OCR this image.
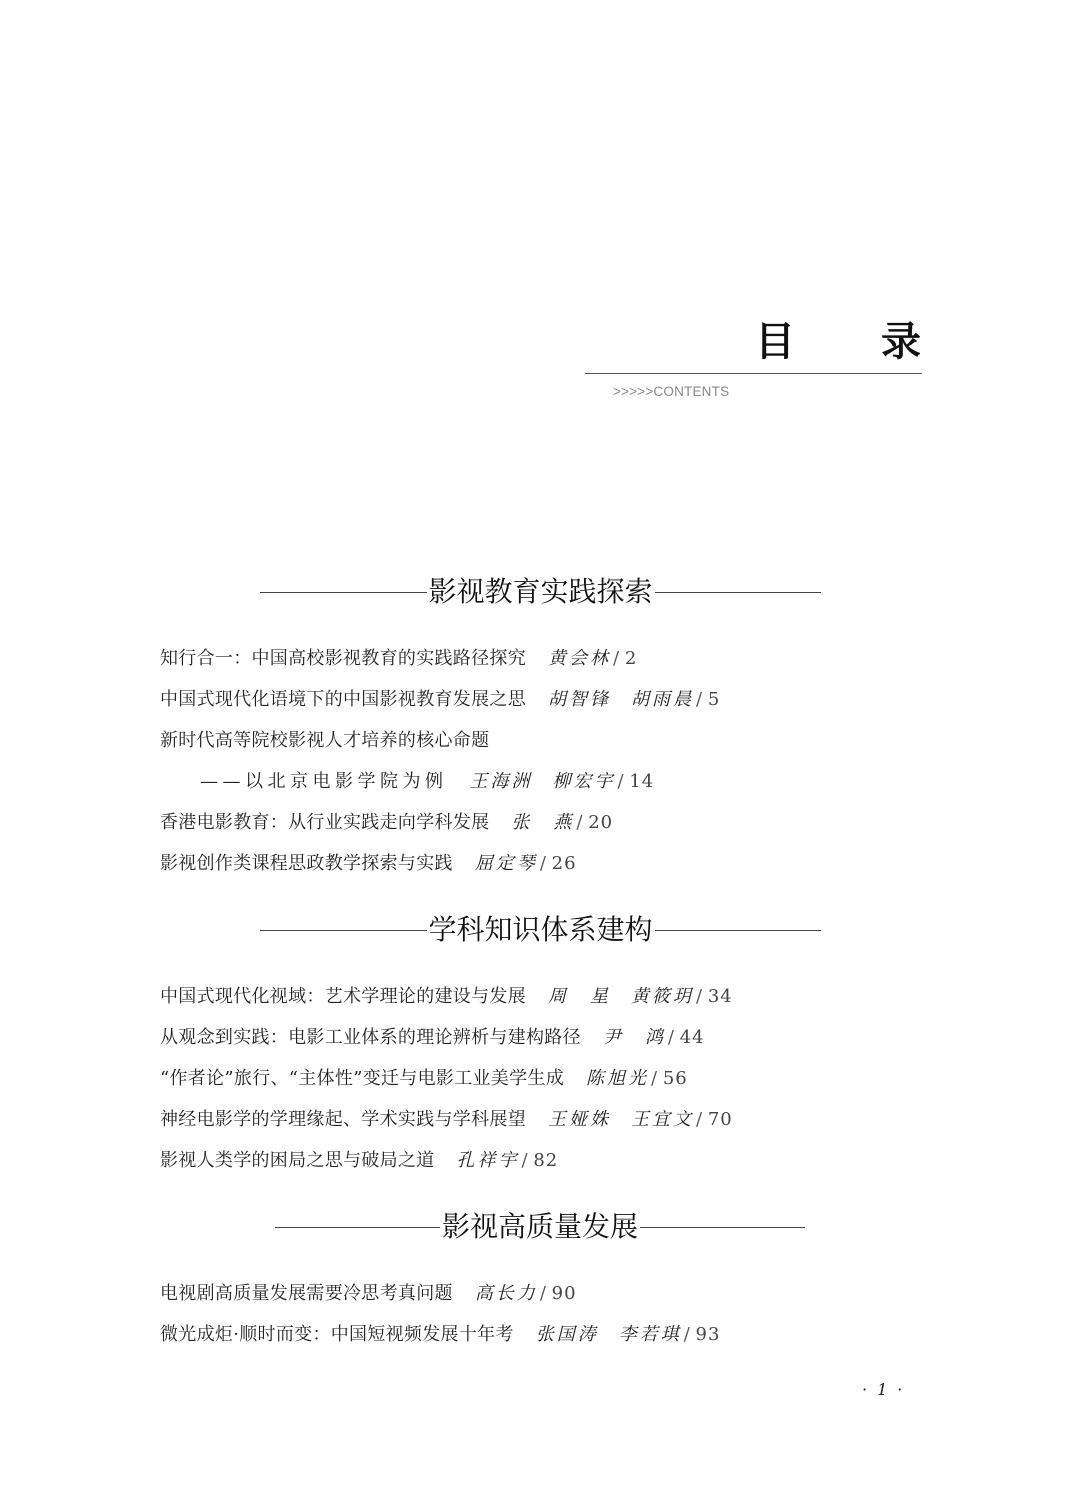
目 录
>>>>>CONTENTS
影视教育实践探索
知行合一：中国高校影视教育的实践路径探究 黄会林 / 2
中国式现代化语境下的中国影视教育发展之思 胡智锋 胡雨晨 / 5
新时代高等院校影视人才培养的核心命题
——以北京电影学院为例 王海洲 柳宏宇 / 14
香港电影教育：从行业实践走向学科发展 张　燕 / 20
影视创作类课程思政教学探索与实践 屈定琴 / 26
学科知识体系建构
中国式现代化视域：艺术学理论的建设与发展 周　星 黄筱玥 / 34
从观念到实践：电影工业体系的理论辨析与建构路径 尹　鸿 / 44
“作者论”旅行、“主体性”变迁与电影工业美学生成 陈旭光 / 56
神经电影学的学理缘起、学术实践与学科展望 王娅姝 王宜文 / 70
影视人类学的困局之思与破局之道 孔祥宇 / 82
影视高质量发展
电视剧高质量发展需要冷思考真问题 高长力 / 90
微光成炬·顺时而变：中国短视频发展十年考 张国涛 李若琪 / 93
·1·
